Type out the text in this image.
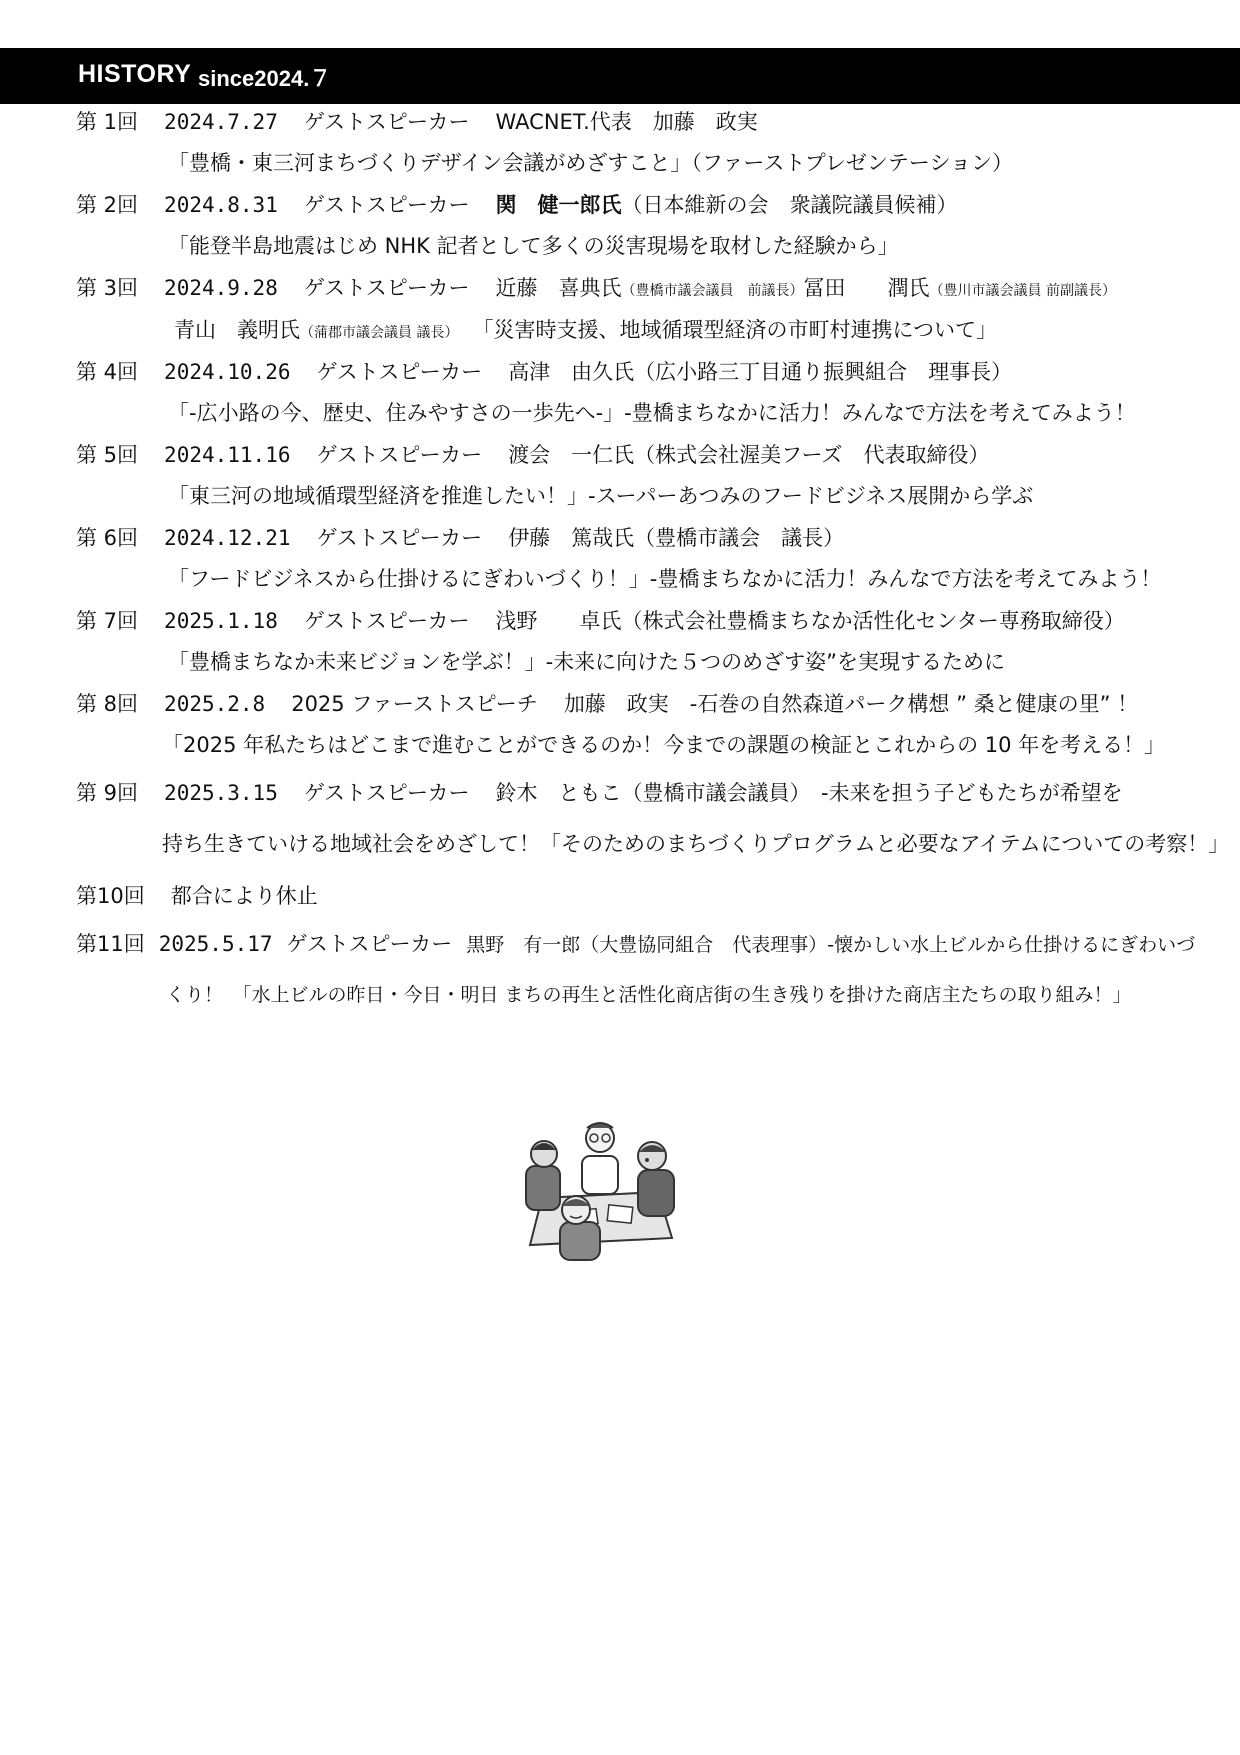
HISTORY since2024.７
第 1回 2024.7.27 ゲストスピーカー WACNET.代表　加藤　政実
「豊橋・東三河まちづくりデザイン会議がめざすこと」（ファーストプレゼンテーション）
第 2回 2024.8.31 ゲストスピーカー 関　健一郎氏（日本維新の会　衆議院議員候補）
「能登半島地震はじめ NHK 記者として多くの災害現場を取材した経験から」
第 3回 2024.9.28 ゲストスピーカー 近藤　喜典氏（豊橋市議会議員　前議長）冨田　　潤氏（豊川市議会議員 前副議長）
青山　義明氏（蒲郡市議会議員 議長） 「災害時支援、地域循環型経済の市町村連携について」
第 4回 2024.10.26 ゲストスピーカー 高津　由久氏（広小路三丁目通り振興組合　理事長）
「-広小路の今、歴史、住みやすさの一歩先へ-」-豊橋まちなかに活力！みんなで方法を考えてみよう！
第 5回 2024.11.16 ゲストスピーカー 渡会　一仁氏（株式会社渥美フーズ　代表取締役）
「東三河の地域循環型経済を推進したい！」-スーパーあつみのフードビジネス展開から学ぶ
第 6回 2024.12.21 ゲストスピーカー 伊藤　篤哉氏（豊橋市議会　議長）
「フードビジネスから仕掛けるにぎわいづくり！」-豊橋まちなかに活力！みんなで方法を考えてみよう！
第 7回 2025.1.18 ゲストスピーカー 浅野　　卓氏（株式会社豊橋まちなか活性化センター専務取締役）
「豊橋まちなか未来ビジョンを学ぶ！」-未来に向けた５つのめざす姿”を実現するために
第 8回 2025.2.8 2025 ファーストスピーチ 加藤　政実　-石巻の自然森道パーク構想 ” 桑と健康の里” ！
「2025 年私たちはどこまで進むことができるのか！今までの課題の検証とこれからの 10 年を考える！」
第 9回 2025.3.15 ゲストスピーカー 鈴木　ともこ（豊橋市議会議員）　-未来を担う子どもたちが希望を
持ち生きていける地域社会をめざして！「そのためのまちづくりプログラムと必要なアイテムについての考察！」
第10回 都合により休止
第11回 2025.5.17 ゲストスピーカー 黒野　有一郎（大豊協同組合　代表理事）-懐かしい水上ビルから仕掛けるにぎわいづ
くり！　「水上ビルの昨日・今日・明日 まちの再生と活性化商店街の生き残りを掛けた商店主たちの取り組み！」
